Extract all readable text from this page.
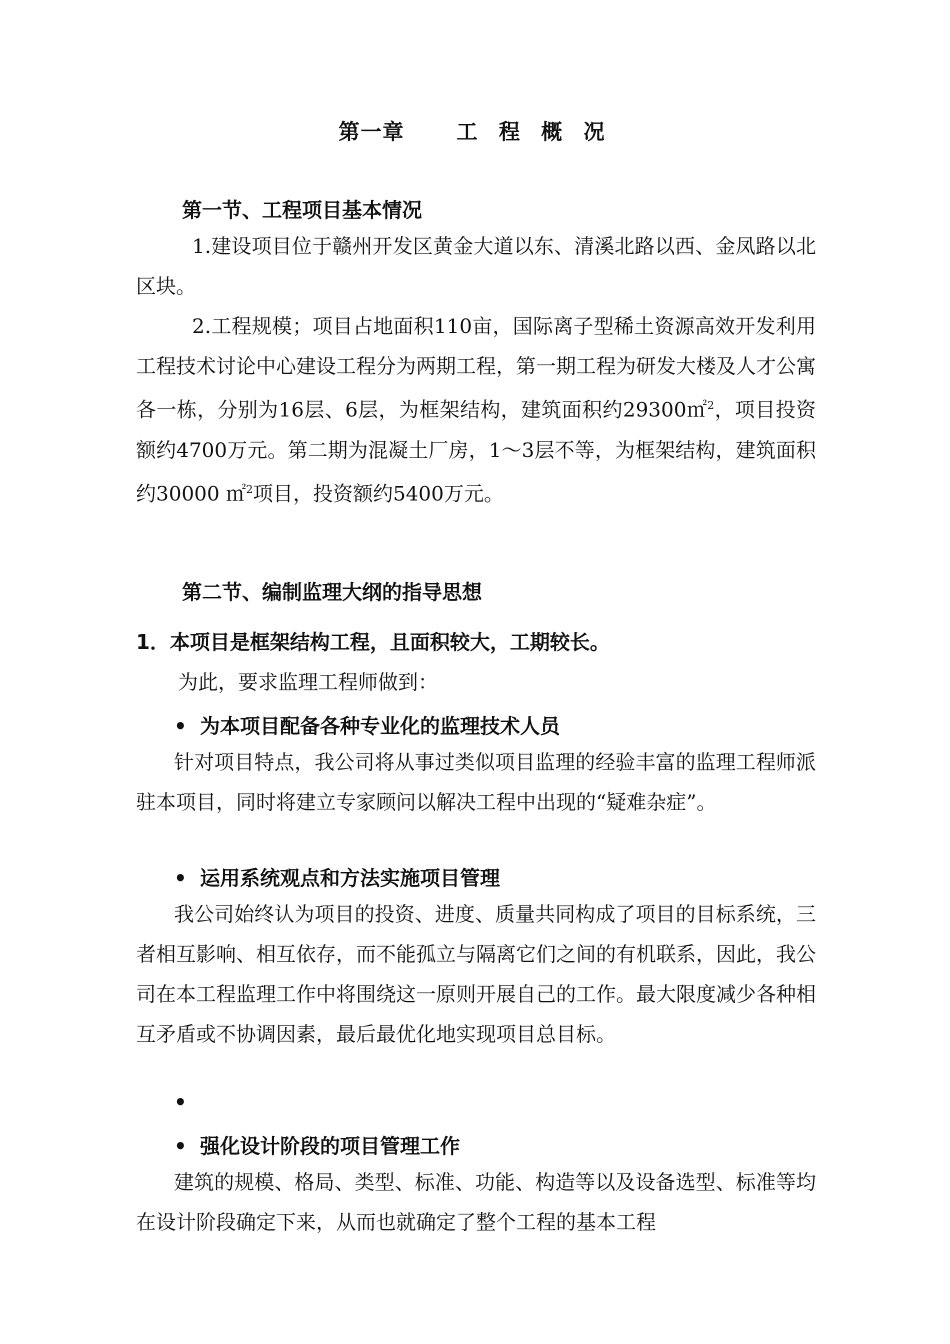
第一章 工 程 概 况
第一节、工程项目基本情况

1.建设项目位于赣州开发区黄金大道以东、清溪北路以西、金凤路以北区块。

2.工程规模；项目占地面积110亩，国际离子型稀土资源高效开发利用工程技术讨论中心建设工程分为两期工程，第一期工程为研发大楼及人才公寓各一栋，分别为16层、6层，为框架结构，建筑面积约29300㎡$^2$，项目投资额约4700万元。第二期为混凝土厂房，1～3层不等，为框架结构，建筑面积约30000 ㎡$^2$项目，投资额约5400万元。

第二节、编制监理大纲的指导思想
1．本项目是框架结构工程，且面积较大，工期较长。
为此，要求监理工程师做到：
• 为本项目配备各种专业化的监理技术人员

针对项目特点，我公司将从事过类似项目监理的经验丰富的监理工程师派驻本项目，同时将建立专家顾问以解决工程中出现的“疑难杂症”。

• 运用系统观点和方法实施项目管理

我公司始终认为项目的投资、进度、质量共同构成了项目的目标系统，三者相互影响、相互依存，而不能孤立与隔离它们之间的有机联系，因此，我公司在本工程监理工作中将围绕这一原则开展自己的工作。最大限度减少各种相互矛盾或不协调因素，最后最优化地实现项目总目标。

•
• 强化设计阶段的项目管理工作

建筑的规模、格局、类型、标准、功能、构造等以及设备选型、标准等均在设计阶段确定下来，从而也就确定了整个工程的基本工程
